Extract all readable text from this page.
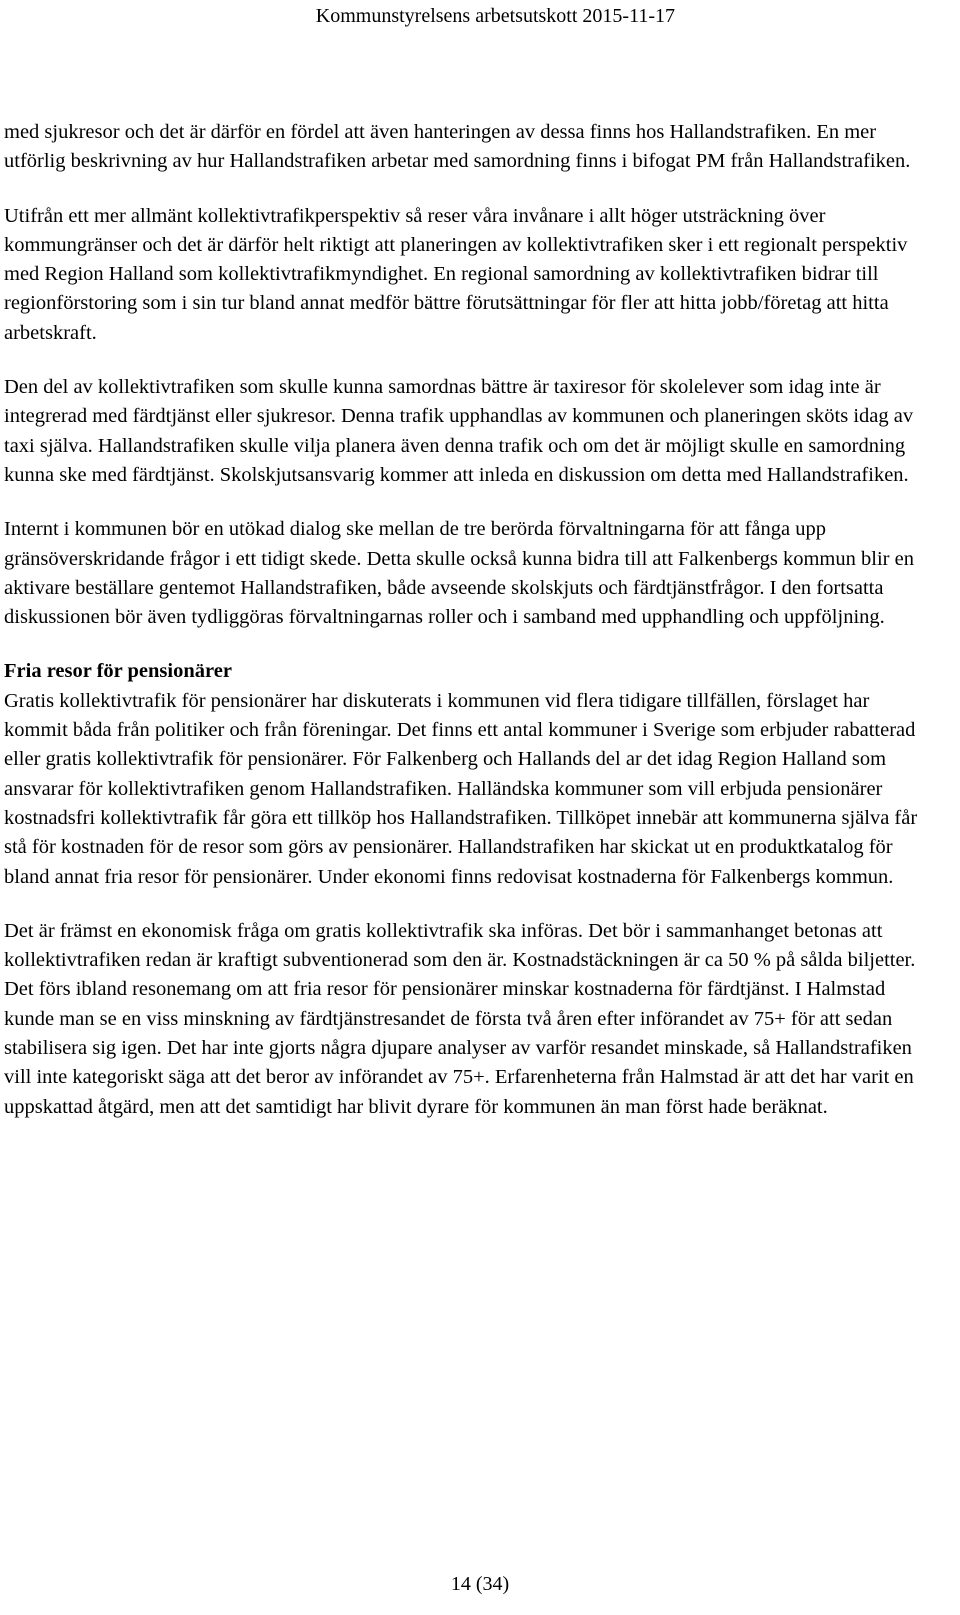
Kommunstyrelsens arbetsutskott 2015-11-17

med sjukresor och det är därför en fördel att även hanteringen av dessa finns hos Hallandstrafiken. En mer utförlig beskrivning av hur Hallandstrafiken arbetar med samordning finns i bifogat PM från Hallandstrafiken.

Utifrån ett mer allmänt kollektivtrafikperspektiv så reser våra invånare i allt höger utsträckning över kommungränser och det är därför helt riktigt att planeringen av kollektivtrafiken sker i ett regionalt perspektiv med Region Halland som kollektivtrafikmyndighet. En regional samordning av kollektivtrafiken bidrar till regionförstoring som i sin tur bland annat medför bättre förutsättningar för fler att hitta jobb/företag att hitta arbetskraft.

Den del av kollektivtrafiken som skulle kunna samordnas bättre är taxiresor för skolelever som idag inte är integrerad med färdtjänst eller sjukresor. Denna trafik upphandlas av kommunen och planeringen sköts idag av taxi själva. Hallandstrafiken skulle vilja planera även denna trafik och om det är möjligt skulle en samordning kunna ske med färdtjänst. Skolskjutsansvarig kommer att inleda en diskussion om detta med Hallandstrafiken.

Internt i kommunen bör en utökad dialog ske mellan de tre berörda förvaltningarna för att fånga upp gränsöverskridande frågor i ett tidigt skede. Detta skulle också kunna bidra till att Falkenbergs kommun blir en aktivare beställare gentemot Hallandstrafiken, både avseende skolskjuts och färdtjänstfrågor. I den fortsatta diskussionen bör även tydliggöras förvaltningarnas roller och i samband med upphandling och uppföljning.

Fria resor för pensionärer

Gratis kollektivtrafik för pensionärer har diskuterats i kommunen vid flera tidigare tillfällen, förslaget har kommit båda från politiker och från föreningar. Det finns ett antal kommuner i Sverige som erbjuder rabatterad eller gratis kollektivtrafik för pensionärer. För Falkenberg och Hallands del ar det idag Region Halland som ansvarar för kollektivtrafiken genom Hallandstrafiken. Halländska kommuner som vill erbjuda pensionärer kostnadsfri kollektivtrafik får göra ett tillköp hos Hallandstrafiken. Tillköpet innebär att kommunerna själva får stå för kostnaden för de resor som görs av pensionärer. Hallandstrafiken har skickat ut en produktkatalog för bland annat fria resor för pensionärer. Under ekonomi finns redovisat kostnaderna för Falkenbergs kommun.

Det är främst en ekonomisk fråga om gratis kollektivtrafik ska införas. Det bör i sammanhanget betonas att kollektivtrafiken redan är kraftigt subventionerad som den är. Kostnadstäckningen är ca 50 % på sålda biljetter. Det förs ibland resonemang om att fria resor för pensionärer minskar kostnaderna för färdtjänst. I Halmstad kunde man se en viss minskning av färdtjänstresandet de första två åren efter införandet av 75+ för att sedan stabilisera sig igen. Det har inte gjorts några djupare analyser av varför resandet minskade, så Hallandstrafiken vill inte kategoriskt säga att det beror av införandet av 75+. Erfarenheterna från Halmstad är att det har varit en uppskattad åtgärd, men att det samtidigt har blivit dyrare för kommunen än man först hade beräknat.

14 (34)
